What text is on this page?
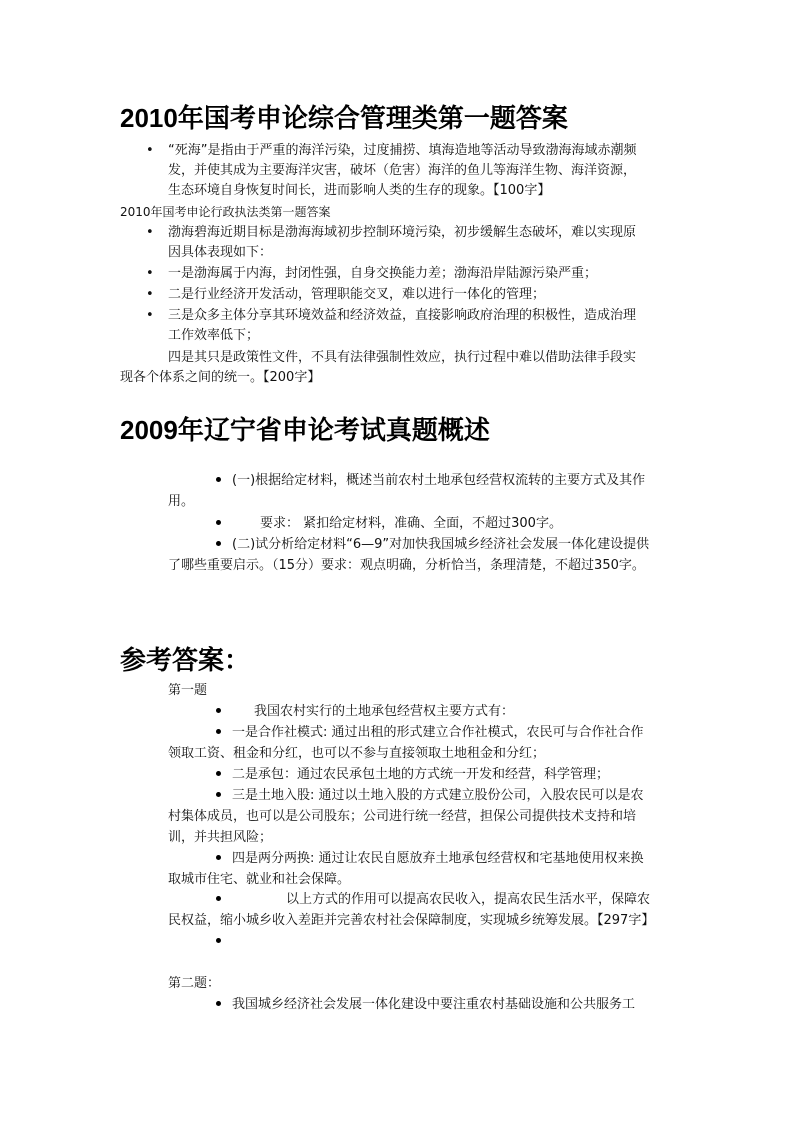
2010年国考申论综合管理类第一题答案
• “死海”是指由于严重的海洋污染，过度捕捞、填海造地等活动导致渤海海域赤潮频
发，并使其成为主要海洋灾害，破坏（危害）海洋的鱼儿等海洋生物、海洋资源，
生态环境自身恢复时间长，进而影响人类的生存的现象。【100字】
2010年国考申论行政执法类第一题答案
• 渤海碧海近期目标是渤海海域初步控制环境污染，初步缓解生态破坏，难以实现原
因具体表现如下：
• 一是渤海属于内海，封闭性强，自身交换能力差；渤海沿岸陆源污染严重；
• 二是行业经济开发活动，管理职能交叉，难以进行一体化的管理；
• 三是众多主体分享其环境效益和经济效益，直接影响政府治理的积极性，造成治理
工作效率低下；
四是其只是政策性文件，不具有法律强制性效应，执行过程中难以借助法律手段实
现各个体系之间的统一。【200字】
2009年辽宁省申论考试真题概述
(一)根据给定材料，概述当前农村土地承包经营权流转的主要方式及其作
用。
要求： 紧扣给定材料，准确、全面，不超过300字。
(二)试分析给定材料“6—9”对加快我国城乡经济社会发展一体化建设提供
了哪些重要启示。（15分）要求：观点明确，分析恰当，条理清楚，不超过350字。
参考答案：
第一题
我国农村实行的土地承包经营权主要方式有：
一是合作社模式: 通过出租的形式建立合作社模式，农民可与合作社合作
领取工资、租金和分红，也可以不参与直接领取土地租金和分红；
二是承包：通过农民承包土地的方式统一开发和经营，科学管理；
三是土地入股: 通过以土地入股的方式建立股份公司，入股农民可以是农
村集体成员，也可以是公司股东；公司进行统一经营，担保公司提供技术支持和培
训，并共担风险；
四是两分两换: 通过让农民自愿放弃土地承包经营权和宅基地使用权来换
取城市住宅、就业和社会保障。
以上方式的作用可以提高农民收入，提高农民生活水平，保障农
民权益，缩小城乡收入差距并完善农村社会保障制度，实现城乡统筹发展。【297字】
第二题：
我国城乡经济社会发展一体化建设中要注重农村基础设施和公共服务工
